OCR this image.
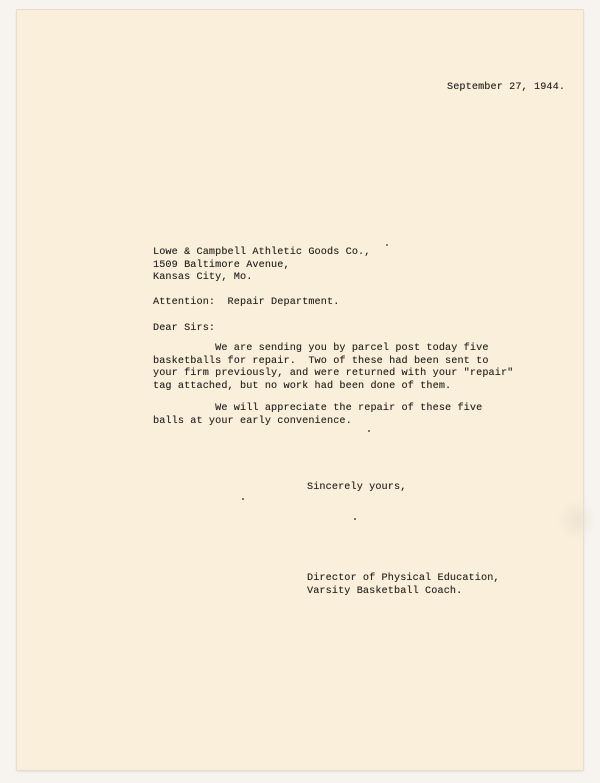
September 27, 1944.
Lowe & Campbell Athletic Goods Co.,
1509 Baltimore Avenue,
Kansas City, Mo.
Attention:  Repair Department.
Dear Sirs:
We are sending you by parcel post today five
basketballs for repair.  Two of these had been sent to
your firm previously, and were returned with your "repair"
tag attached, but no work had been done of them.
We will appreciate the repair of these five
balls at your early convenience.
Sincerely yours,
Director of Physical Education,
Varsity Basketball Coach.
